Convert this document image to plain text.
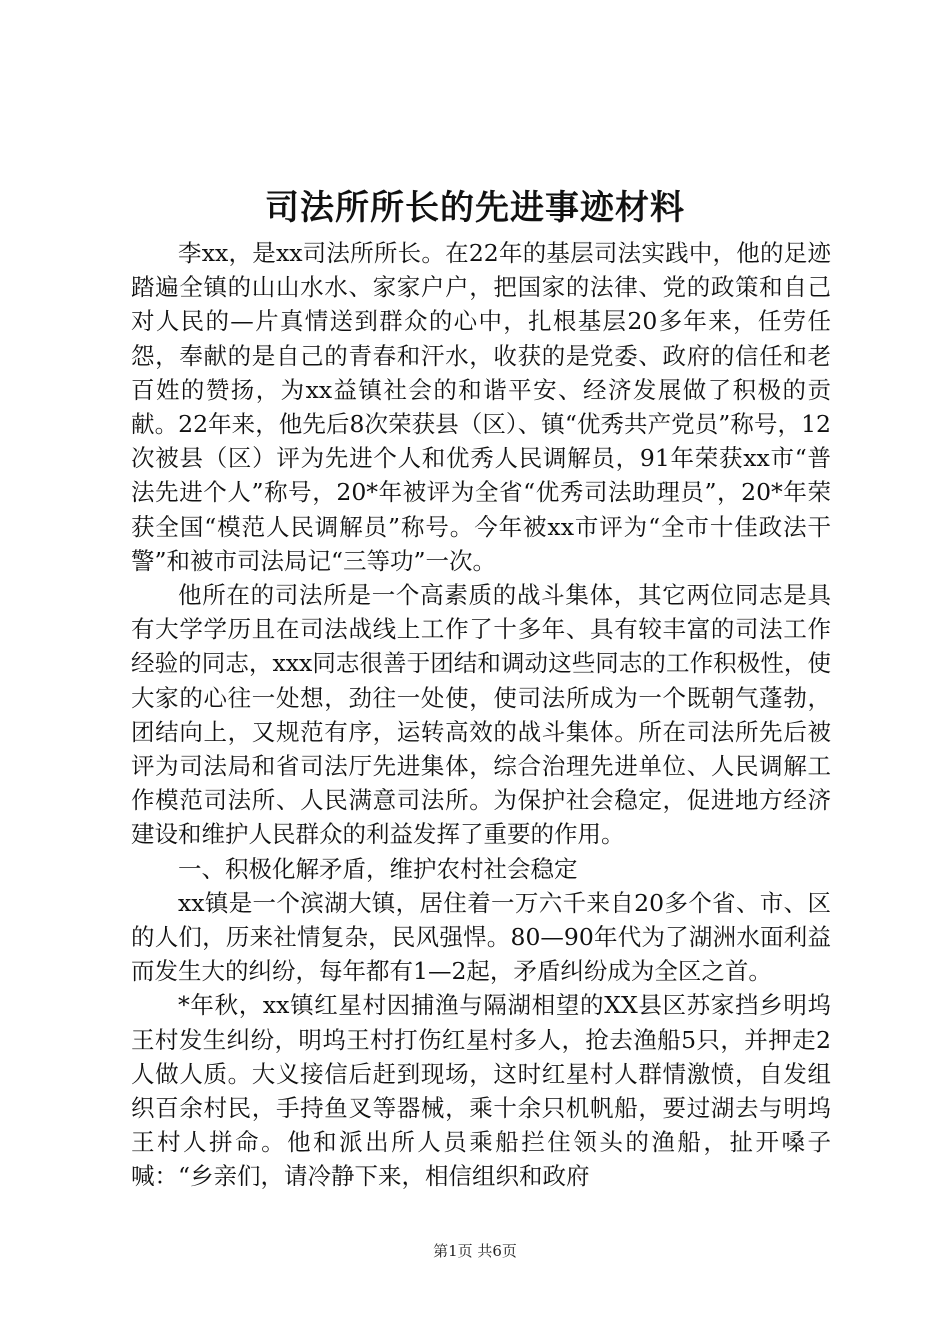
司法所所长的先进事迹材料

李xx，是xx司法所所长。在22年的基层司法实践中，他的足迹踏遍全镇的山山水水、家家户户，把国家的法律、党的政策和自己对人民的—片真情送到群众的心中，扎根基层20多年来，任劳任怨，奉献的是自己的青春和汗水，收获的是党委、政府的信任和老百姓的赞扬，为xx益镇社会的和谐平安、经济发展做了积极的贡献。22年来，他先后8次荣获县（区）、镇“优秀共产党员”称号，12次被县（区）评为先进个人和优秀人民调解员，91年荣获xx市“普法先进个人”称号，20*年被评为全省“优秀司法助理员”，20*年荣获全国“模范人民调解员”称号。今年被xx市评为“全市十佳政法干警”和被市司法局记“三等功”一次。

他所在的司法所是一个高素质的战斗集体，其它两位同志是具有大学学历且在司法战线上工作了十多年、具有较丰富的司法工作经验的同志，xxx同志很善于团结和调动这些同志的工作积极性，使大家的心往一处想，劲往一处使，使司法所成为一个既朝气蓬勃，团结向上，又规范有序，运转高效的战斗集体。所在司法所先后被评为司法局和省司法厅先进集体，综合治理先进单位、人民调解工作模范司法所、人民满意司法所。为保护社会稳定，促进地方经济建设和维护人民群众的利益发挥了重要的作用。

一、积极化解矛盾，维护农村社会稳定

xx镇是一个滨湖大镇，居住着一万六千来自20多个省、市、区的人们，历来社情复杂，民风强悍。80—90年代为了湖洲水面利益而发生大的纠纷，每年都有1—2起，矛盾纠纷成为全区之首。

*年秋，xx镇红星村因捕渔与隔湖相望的XX县区苏家挡乡明坞王村发生纠纷，明坞王村打伤红星村多人，抢去渔船5只，并押走2人做人质。大义接信后赶到现场，这时红星村人群情激愤，自发组织百余村民，手持鱼叉等器械，乘十余只机帆船，要过湖去与明坞王村人拼命。他和派出所人员乘船拦住领头的渔船，扯开嗓子喊：“乡亲们，请冷静下来，相信组织和政府

第1页 共6页
